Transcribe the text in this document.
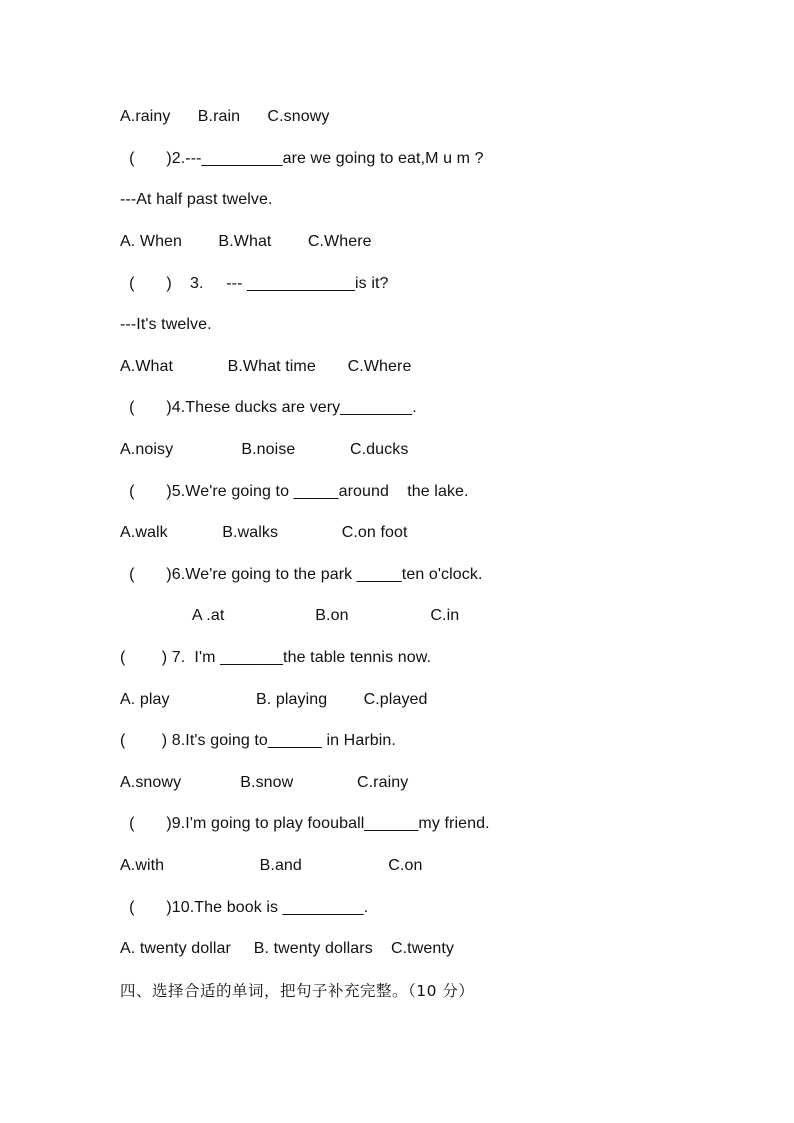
A.rainy      B.rain      C.snowy
(       )2.---_________are we going to eat,M u m ?
---At half past twelve.
A. When        B.What        C.Where
(       )    3.     --- ____________is it?
---It's twelve.
A.What            B.What time       C.Where
(       )4.These ducks are very________.
A.noisy               B.noise            C.ducks
(       )5.We're going to _____around    the lake.
A.walk            B.walks              C.on foot
(       )6.We're going to the park _____ten o'clock.
A .at                    B.on                  C.in
(        ) 7.  I'm _______the table tennis now.
A. play                   B. playing        C.played
(        ) 8.It's going to______ in Harbin.
A.snowy             B.snow              C.rainy
(       )9.I'm going to play foouball______my friend.
A.with                     B.and                   C.on
(       )10.The book is _________.
A. twenty dollar     B. twenty dollars    C.twenty
四、选择合适的单词，把句子补充完整。（10 分）
